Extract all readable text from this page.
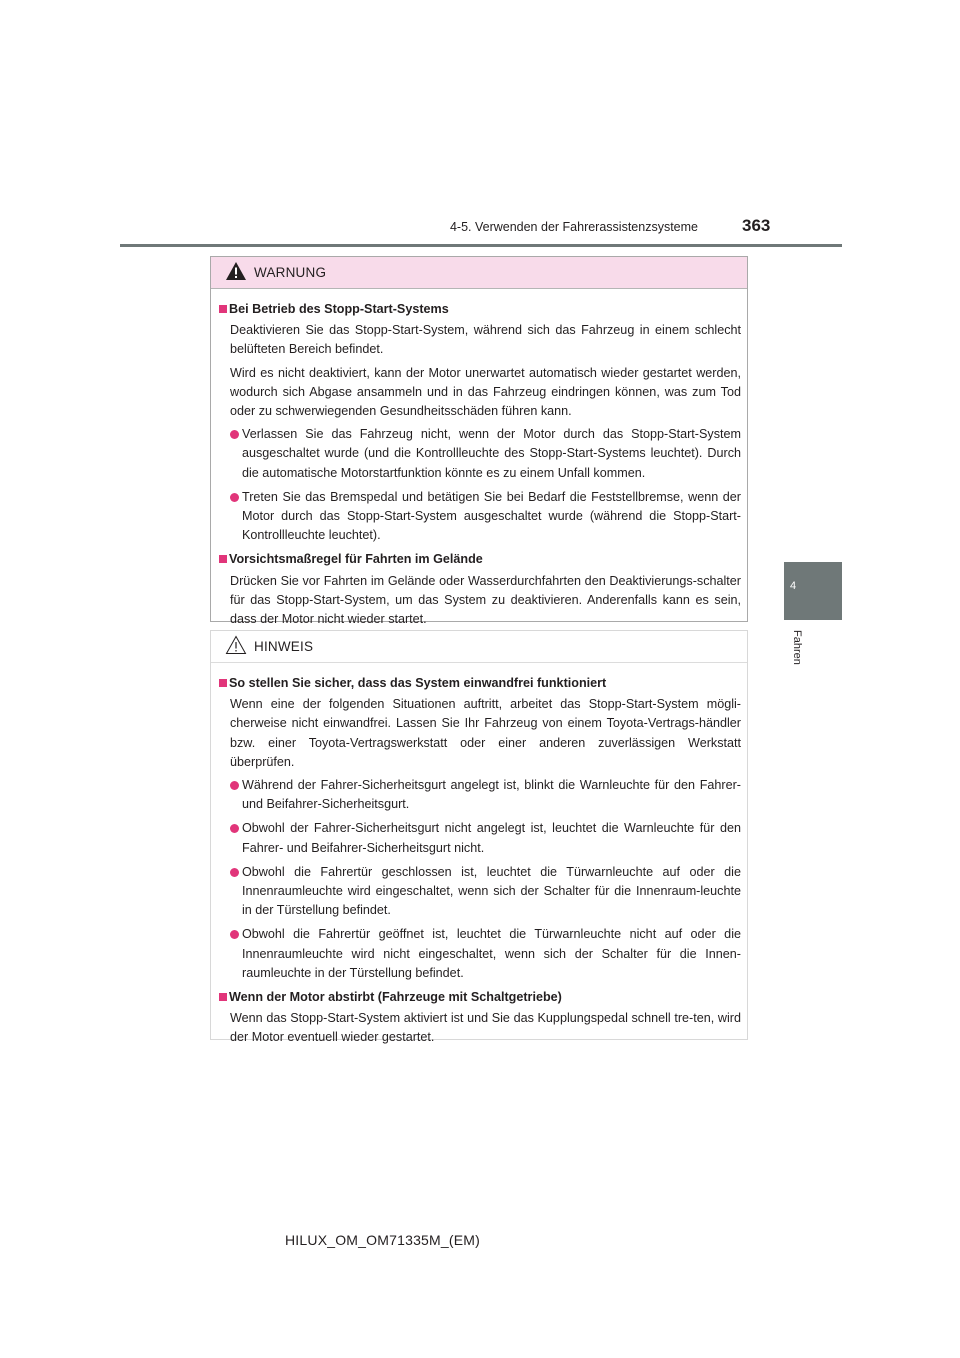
4-5. Verwenden der Fahrerassistenzsysteme	363
4
Fahren
WARNUNG
Bei Betrieb des Stopp-Start-Systems
Deaktivieren Sie das Stopp-Start-System, während sich das Fahrzeug in einem schlecht belüfteten Bereich befindet.
Wird es nicht deaktiviert, kann der Motor unerwartet automatisch wieder gestartet werden, wodurch sich Abgase ansammeln und in das Fahrzeug eindringen können, was zum Tod oder zu schwerwiegenden Gesundheitsschäden führen kann.
Verlassen Sie das Fahrzeug nicht, wenn der Motor durch das Stopp-Start-System ausgeschaltet wurde (und die Kontrollleuchte des Stopp-Start-Systems leuchtet). Durch die automatische Motorstartfunktion könnte es zu einem Unfall kommen.
Treten Sie das Bremspedal und betätigen Sie bei Bedarf die Feststellbremse, wenn der Motor durch das Stopp-Start-System ausgeschaltet wurde (während die Stopp-Start-Kontrollleuchte leuchtet).
Vorsichtsmaßregel für Fahrten im Gelände
Drücken Sie vor Fahrten im Gelände oder Wasserdurchfahrten den Deaktivierungs-schalter für das Stopp-Start-System, um das System zu deaktivieren. Anderenfalls kann es sein, dass der Motor nicht wieder startet.
HINWEIS
So stellen Sie sicher, dass das System einwandfrei funktioniert
Wenn eine der folgenden Situationen auftritt, arbeitet das Stopp-Start-System mögli-cherweise nicht einwandfrei. Lassen Sie Ihr Fahrzeug von einem Toyota-Vertrags-händler bzw. einer Toyota-Vertragswerkstatt oder einer anderen zuverlässigen Werkstatt überprüfen.
Während der Fahrer-Sicherheitsgurt angelegt ist, blinkt die Warnleuchte für den Fahrer- und Beifahrer-Sicherheitsgurt.
Obwohl der Fahrer-Sicherheitsgurt nicht angelegt ist, leuchtet die Warnleuchte für den Fahrer- und Beifahrer-Sicherheitsgurt nicht.
Obwohl die Fahrertür geschlossen ist, leuchtet die Türwarnleuchte auf oder die Innenraumleuchte wird eingeschaltet, wenn sich der Schalter für die Innenraum-leuchte in der Türstellung befindet.
Obwohl die Fahrertür geöffnet ist, leuchtet die Türwarnleuchte nicht auf oder die Innenraumleuchte wird nicht eingeschaltet, wenn sich der Schalter für die Innen-raumleuchte in der Türstellung befindet.
Wenn der Motor abstirbt (Fahrzeuge mit Schaltgetriebe)
Wenn das Stopp-Start-System aktiviert ist und Sie das Kupplungspedal schnell tre-ten, wird der Motor eventuell wieder gestartet.
HILUX_OM_OM71335M_(EM)
